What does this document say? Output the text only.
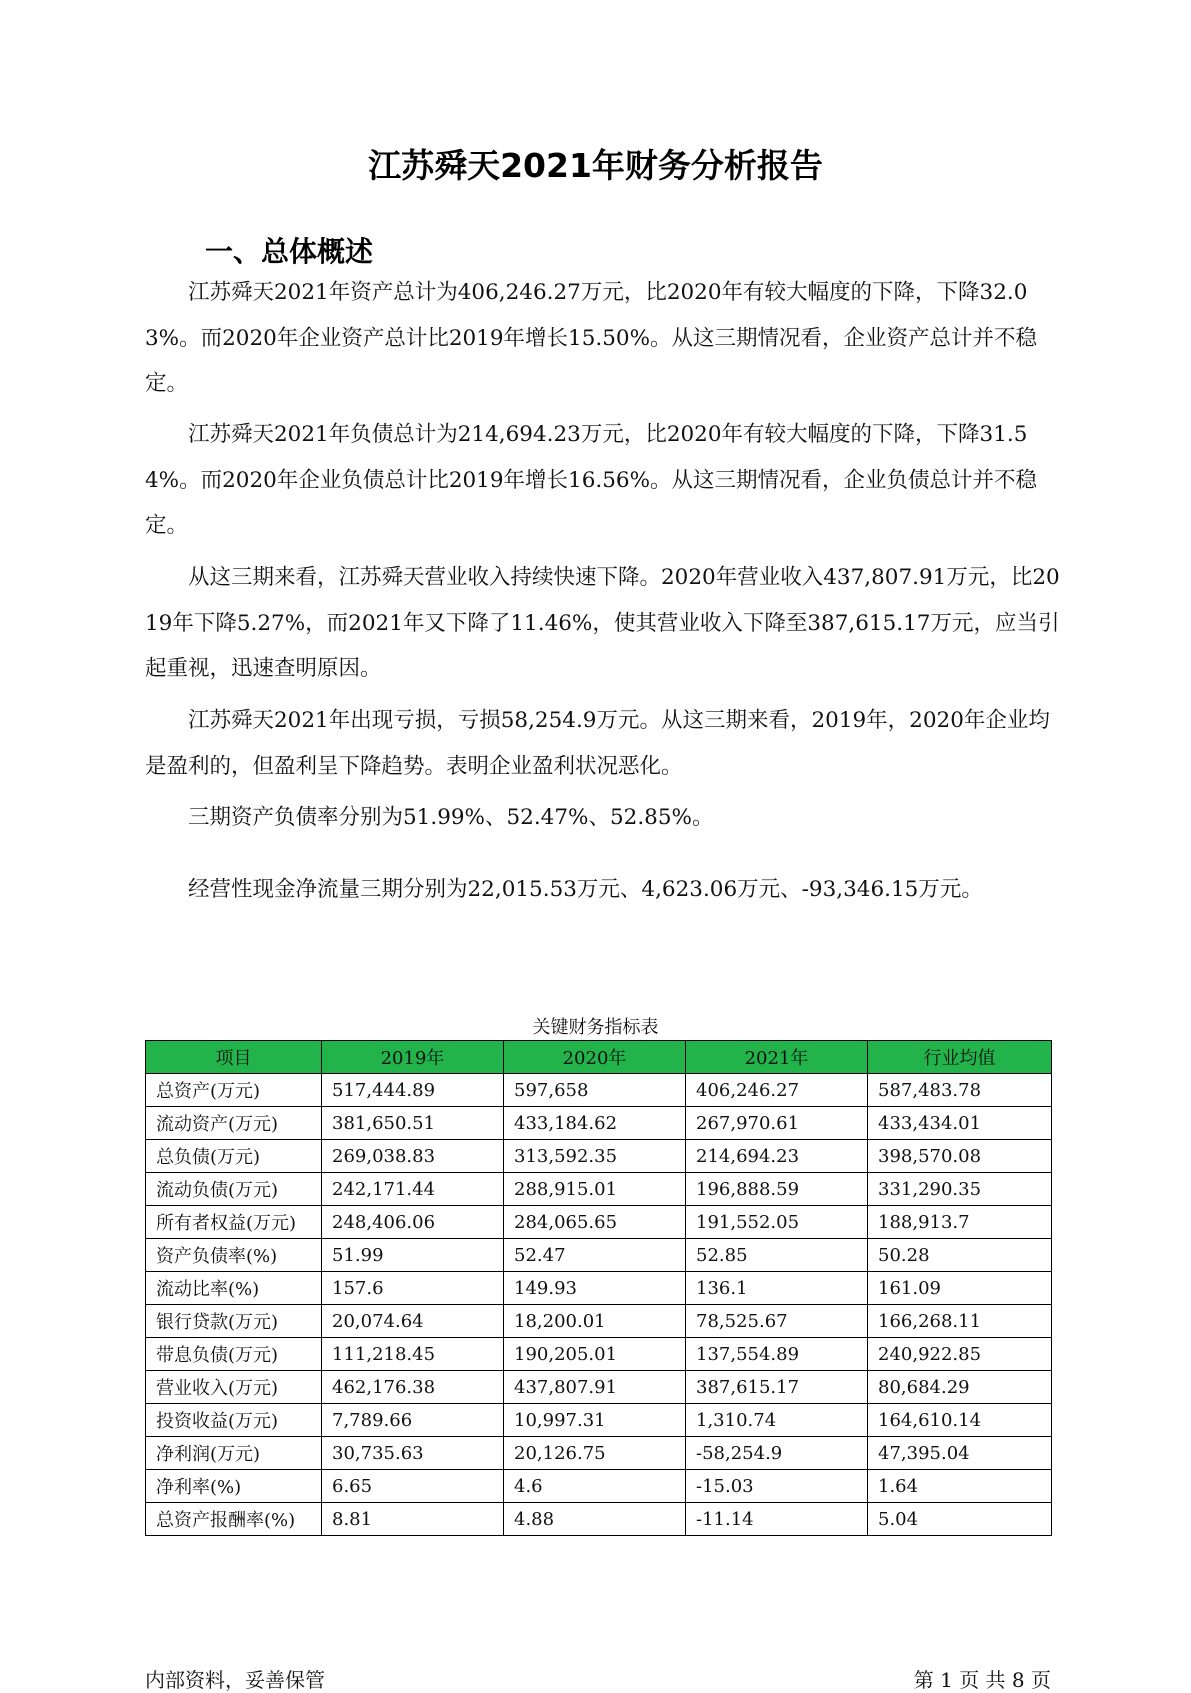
江苏舜天2021年财务分析报告
一、总体概述

江苏舜天2021年资产总计为406,246.27万元，比2020年有较大幅度的下降，下降32.03%。而2020年企业资产总计比2019年增长15.50%。从这三期情况看，企业资产总计并不稳定。

江苏舜天2021年负债总计为214,694.23万元，比2020年有较大幅度的下降，下降31.54%。而2020年企业负债总计比2019年增长16.56%。从这三期情况看，企业负债总计并不稳定。

从这三期来看，江苏舜天营业收入持续快速下降。2020年营业收入437,807.91万元，比2019年下降5.27%，而2021年又下降了11.46%，使其营业收入下降至387,615.17万元，应当引起重视，迅速查明原因。

江苏舜天2021年出现亏损，亏损58,254.9万元。从这三期来看，2019年，2020年企业均是盈利的，但盈利呈下降趋势。表明企业盈利状况恶化。

三期资产负债率分别为51.99%、52.47%、52.85%。

经营性现金净流量三期分别为22,015.53万元、4,623.06万元、-93,346.15万元。

关键财务指标表
项目	2019年	2020年	2021年	行业均值
总资产(万元)	517,444.89	597,658	406,246.27	587,483.78
流动资产(万元)	381,650.51	433,184.62	267,970.61	433,434.01
总负债(万元)	269,038.83	313,592.35	214,694.23	398,570.08
流动负债(万元)	242,171.44	288,915.01	196,888.59	331,290.35
所有者权益(万元)	248,406.06	284,065.65	191,552.05	188,913.7
资产负债率(%)	51.99	52.47	52.85	50.28
流动比率(%)	157.6	149.93	136.1	161.09
银行贷款(万元)	20,074.64	18,200.01	78,525.67	166,268.11
带息负债(万元)	111,218.45	190,205.01	137,554.89	240,922.85
营业收入(万元)	462,176.38	437,807.91	387,615.17	80,684.29
投资收益(万元)	7,789.66	10,997.31	1,310.74	164,610.14
净利润(万元)	30,735.63	20,126.75	-58,254.9	47,395.04
净利率(%)	6.65	4.6	-15.03	1.64
总资产报酬率(%)	8.81	4.88	-11.14	5.04
内部资料，妥善保管	第 1 页 共 8 页
